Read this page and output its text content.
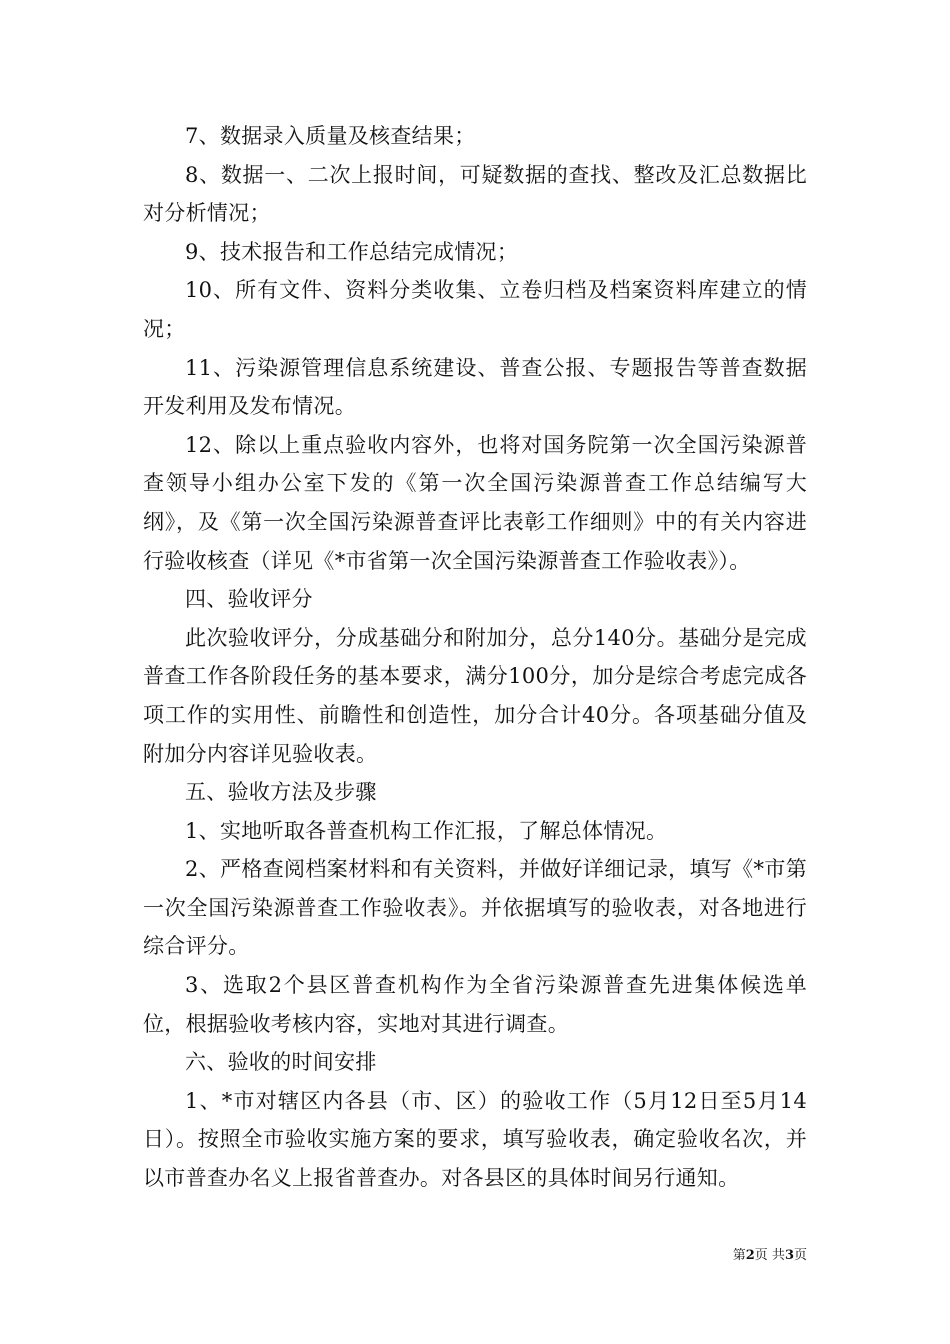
7、数据录入质量及核查结果；

8、数据一、二次上报时间，可疑数据的查找、整改及汇总数据比对分析情况；

9、技术报告和工作总结完成情况；

10、所有文件、资料分类收集、立卷归档及档案资料库建立的情况；

11、污染源管理信息系统建设、普查公报、专题报告等普查数据开发利用及发布情况。

12、除以上重点验收内容外，也将对国务院第一次全国污染源普查领导小组办公室下发的《第一次全国污染源普查工作总结编写大纲》，及《第一次全国污染源普查评比表彰工作细则》中的有关内容进行验收核查（详见《*市省第一次全国污染源普查工作验收表》）。

四、验收评分

此次验收评分，分成基础分和附加分，总分140分。基础分是完成普查工作各阶段任务的基本要求，满分100分，加分是综合考虑完成各项工作的实用性、前瞻性和创造性，加分合计40分。各项基础分值及附加分内容详见验收表。

五、验收方法及步骤

1、实地听取各普查机构工作汇报，了解总体情况。

2、严格查阅档案材料和有关资料，并做好详细记录，填写《*市第一次全国污染源普查工作验收表》。并依据填写的验收表，对各地进行综合评分。

3、选取2个县区普查机构作为全省污染源普查先进集体候选单位，根据验收考核内容，实地对其进行调查。

六、验收的时间安排

1、*市对辖区内各县（市、区）的验收工作（5月12日至5月14日）。按照全市验收实施方案的要求，填写验收表，确定验收名次，并以市普查办名义上报省普查办。对各县区的具体时间另行通知。

第2页 共3页
